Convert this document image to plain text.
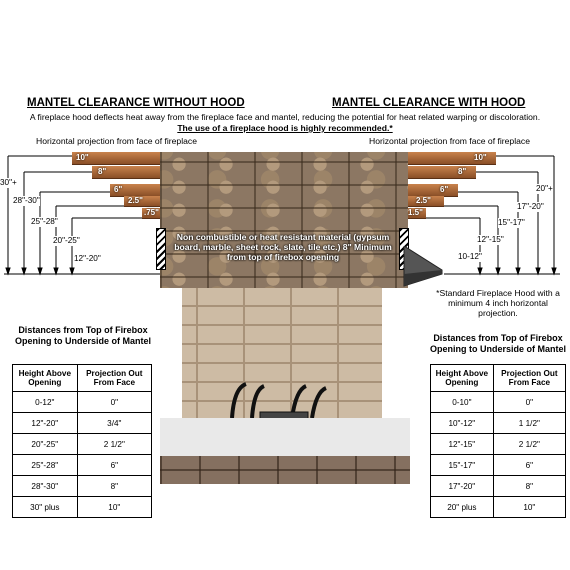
MANTEL CLEARANCE WITHOUT HOOD	MANTEL CLEARANCE WITH HOOD
A fireplace hood deflects heat away from the fireplace face and mantel, reducing the potential for heat related warping or discoloration.
The use of a fireplace hood is highly recommended.*
Horizontal projection from face of fireplace	Horizontal projection from face of fireplace
Non combustible or heat resistant material (gypsum board, marble, sheet rock, slate, tile etc.) 8" Minimum from top of firebox opening
10"
8"
6"
2.5"
.75"
10"
8"
6"
2.5"
1.5"
*Standard Fireplace Hood with a minimum 4 inch horizontal projection.
30"+
28"-30"
25"-28"
20"-25"
12"-20"
20"+
17"-20"
15"-17"
12"-15"
10-12"
Distances from Top of Firebox Opening to Underside of Mantel
Height Above Opening	Projection Out From Face
0-12"	0"
12"-20"	3/4"
20"-25"	2 1/2"
25"-28"	6"
28"-30"	8"
30" plus	10"
Distances from Top of Firebox Opening to Underside of Mantel
Height Above Opening	Projection Out From Face
0-10"	0"
10"-12"	1 1/2"
12"-15"	2 1/2"
15"-17"	6"
17"-20"	8"
20" plus	10"
